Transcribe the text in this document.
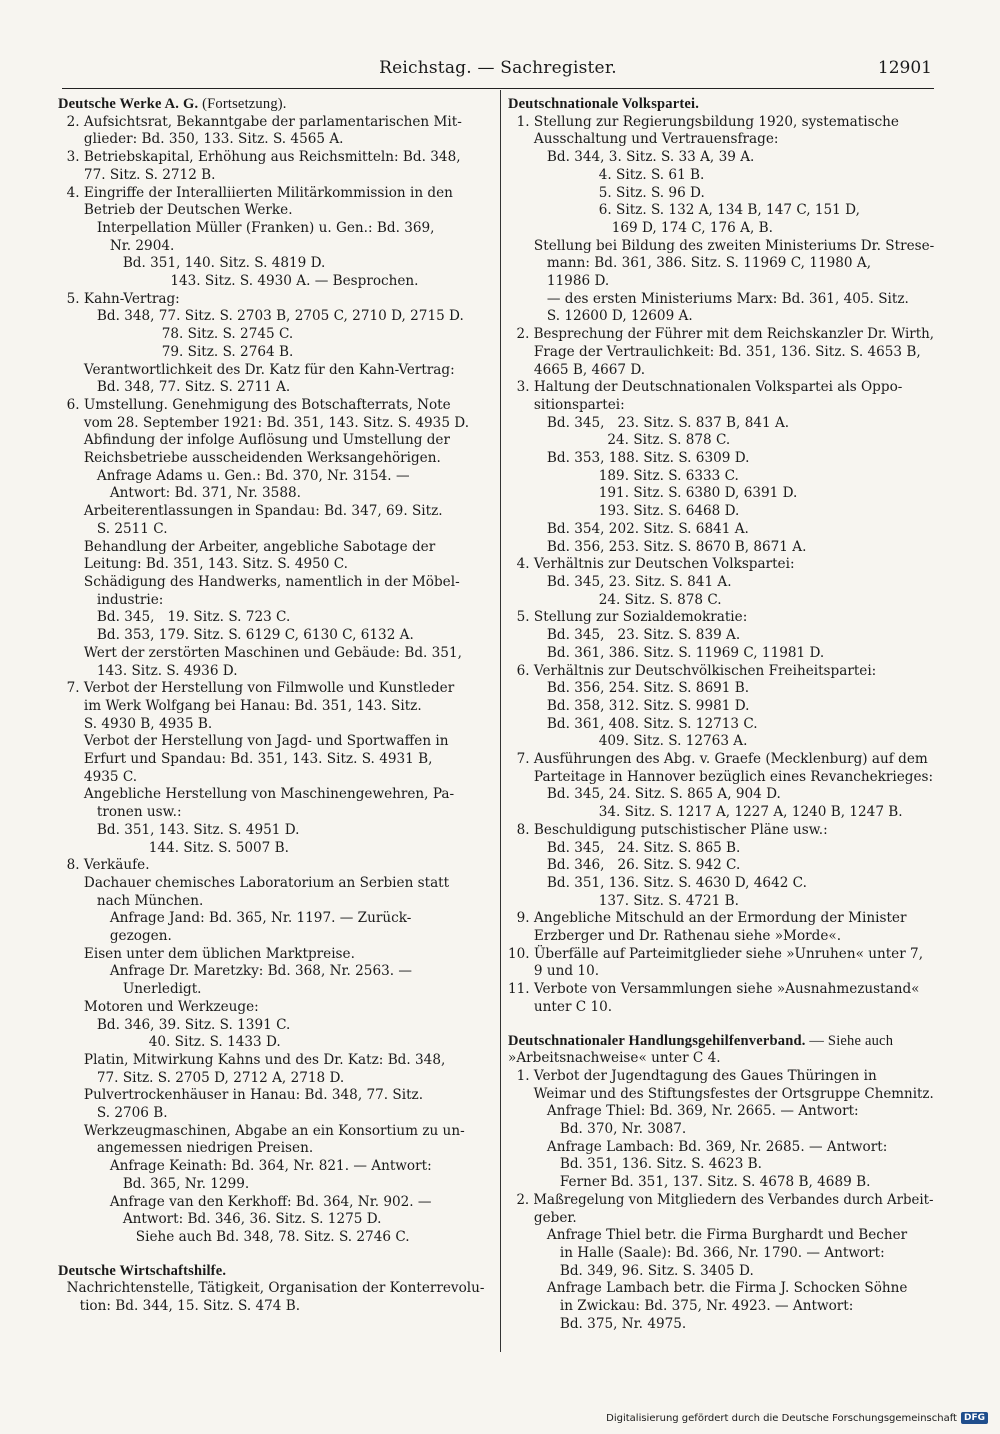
Reichstag. — Sachregister.	12901
Deutsche Werke A. G. (Fortsetzung).
2. Aufsichtsrat, Bekanntgabe der parlamentarischen Mit-
glieder: Bd. 350, 133. Sitz. S. 4565 A.
3. Betriebskapital, Erhöhung aus Reichsmitteln: Bd. 348,
77. Sitz. S. 2712 B.
4. Eingriffe der Interalliierten Militärkommission in den
Betrieb der Deutschen Werke.
Interpellation Müller (Franken) u. Gen.: Bd. 369,
Nr. 2904.
Bd. 351, 140. Sitz. S. 4819 D.
143. Sitz. S. 4930 A. — Besprochen.
5. Kahn-Vertrag:
Bd. 348, 77. Sitz. S. 2703 B, 2705 C, 2710 D, 2715 D.
78. Sitz. S. 2745 C.
79. Sitz. S. 2764 B.
Verantwortlichkeit des Dr. Katz für den Kahn-Vertrag:
Bd. 348, 77. Sitz. S. 2711 A.
6. Umstellung. Genehmigung des Botschafterrats, Note
vom 28. September 1921: Bd. 351, 143. Sitz. S. 4935 D.
Abfindung der infolge Auflösung und Umstellung der
Reichsbetriebe ausscheidenden Werksangehörigen.
Anfrage Adams u. Gen.: Bd. 370, Nr. 3154. —
Antwort: Bd. 371, Nr. 3588.
Arbeiterentlassungen in Spandau: Bd. 347, 69. Sitz.
S. 2511 C.
Behandlung der Arbeiter, angebliche Sabotage der
Leitung: Bd. 351, 143. Sitz. S. 4950 C.
Schädigung des Handwerks, namentlich in der Möbel-
industrie:
Bd. 345,   19. Sitz. S. 723 C.
Bd. 353, 179. Sitz. S. 6129 C, 6130 C, 6132 A.
Wert der zerstörten Maschinen und Gebäude: Bd. 351,
143. Sitz. S. 4936 D.
7. Verbot der Herstellung von Filmwolle und Kunstleder
im Werk Wolfgang bei Hanau: Bd. 351, 143. Sitz.
S. 4930 B, 4935 B.
Verbot der Herstellung von Jagd- und Sportwaffen in
Erfurt und Spandau: Bd. 351, 143. Sitz. S. 4931 B,
4935 C.
Angebliche Herstellung von Maschinengewehren, Pa-
tronen usw.:
Bd. 351, 143. Sitz. S. 4951 D.
144. Sitz. S. 5007 B.
8. Verkäufe.
Dachauer chemisches Laboratorium an Serbien statt
nach München.
Anfrage Jand: Bd. 365, Nr. 1197. — Zurück-
gezogen.
Eisen unter dem üblichen Marktpreise.
Anfrage Dr. Maretzky: Bd. 368, Nr. 2563. —
Unerledigt.
Motoren und Werkzeuge:
Bd. 346, 39. Sitz. S. 1391 C.
40. Sitz. S. 1433 D.
Platin, Mitwirkung Kahns und des Dr. Katz: Bd. 348,
77. Sitz. S. 2705 D, 2712 A, 2718 D.
Pulvertrockenhäuser in Hanau: Bd. 348, 77. Sitz.
S. 2706 B.
Werkzeugmaschinen, Abgabe an ein Konsortium zu un-
angemessen niedrigen Preisen.
Anfrage Keinath: Bd. 364, Nr. 821. — Antwort:
Bd. 365, Nr. 1299.
Anfrage van den Kerkhoff: Bd. 364, Nr. 902. —
Antwort: Bd. 346, 36. Sitz. S. 1275 D.
Siehe auch Bd. 348, 78. Sitz. S. 2746 C.
Deutsche Wirtschaftshilfe.
Nachrichtenstelle, Tätigkeit, Organisation der Konterrevolu-
tion: Bd. 344, 15. Sitz. S. 474 B.
Deutschnationale Volkspartei.
1. Stellung zur Regierungsbildung 1920, systematische
Ausschaltung und Vertrauensfrage:
Bd. 344, 3. Sitz. S. 33 A, 39 A.
4. Sitz. S. 61 B.
5. Sitz. S. 96 D.
6. Sitz. S. 132 A, 134 B, 147 C, 151 D,
169 D, 174 C, 176 A, B.
Stellung bei Bildung des zweiten Ministeriums Dr. Strese-
mann: Bd. 361, 386. Sitz. S. 11969 C, 11980 A,
11986 D.
— des ersten Ministeriums Marx: Bd. 361, 405. Sitz.
S. 12600 D, 12609 A.
2. Besprechung der Führer mit dem Reichskanzler Dr. Wirth,
Frage der Vertraulichkeit: Bd. 351, 136. Sitz. S. 4653 B,
4665 B, 4667 D.
3. Haltung der Deutschnationalen Volkspartei als Oppo-
sitionspartei:
Bd. 345,   23. Sitz. S. 837 B, 841 A.
24. Sitz. S. 878 C.
Bd. 353, 188. Sitz. S. 6309 D.
189. Sitz. S. 6333 C.
191. Sitz. S. 6380 D, 6391 D.
193. Sitz. S. 6468 D.
Bd. 354, 202. Sitz. S. 6841 A.
Bd. 356, 253. Sitz. S. 8670 B, 8671 A.
4. Verhältnis zur Deutschen Volkspartei:
Bd. 345, 23. Sitz. S. 841 A.
24. Sitz. S. 878 C.
5. Stellung zur Sozialdemokratie:
Bd. 345,   23. Sitz. S. 839 A.
Bd. 361, 386. Sitz. S. 11969 C, 11981 D.
6. Verhältnis zur Deutschvölkischen Freiheitspartei:
Bd. 356, 254. Sitz. S. 8691 B.
Bd. 358, 312. Sitz. S. 9981 D.
Bd. 361, 408. Sitz. S. 12713 C.
409. Sitz. S. 12763 A.
7. Ausführungen des Abg. v. Graefe (Mecklenburg) auf dem
Parteitage in Hannover bezüglich eines Revanchekrieges:
Bd. 345, 24. Sitz. S. 865 A, 904 D.
34. Sitz. S. 1217 A, 1227 A, 1240 B, 1247 B.
8. Beschuldigung putschistischer Pläne usw.:
Bd. 345,   24. Sitz. S. 865 B.
Bd. 346,   26. Sitz. S. 942 C.
Bd. 351, 136. Sitz. S. 4630 D, 4642 C.
137. Sitz. S. 4721 B.
9. Angebliche Mitschuld an der Ermordung der Minister
Erzberger und Dr. Rathenau siehe »Morde«.
10. Überfälle auf Parteimitglieder siehe »Unruhen« unter 7,
9 und 10.
11. Verbote von Versammlungen siehe »Ausnahmezustand«
unter C 10.
Deutschnationaler Handlungsgehilfenverband. — Siehe auch
»Arbeitsnachweise« unter C 4.
1. Verbot der Jugendtagung des Gaues Thüringen in
Weimar und des Stiftungsfestes der Ortsgruppe Chemnitz.
Anfrage Thiel: Bd. 369, Nr. 2665. — Antwort:
Bd. 370, Nr. 3087.
Anfrage Lambach: Bd. 369, Nr. 2685. — Antwort:
Bd. 351, 136. Sitz. S. 4623 B.
Ferner Bd. 351, 137. Sitz. S. 4678 B, 4689 B.
2. Maßregelung von Mitgliedern des Verbandes durch Arbeit-
geber.
Anfrage Thiel betr. die Firma Burghardt und Becher
in Halle (Saale): Bd. 366, Nr. 1790. — Antwort:
Bd. 349, 96. Sitz. S. 3405 D.
Anfrage Lambach betr. die Firma J. Schocken Söhne
in Zwickau: Bd. 375, Nr. 4923. — Antwort:
Bd. 375, Nr. 4975.
Digitalisierung gefördert durch die Deutsche Forschungsgemeinschaft DFG
